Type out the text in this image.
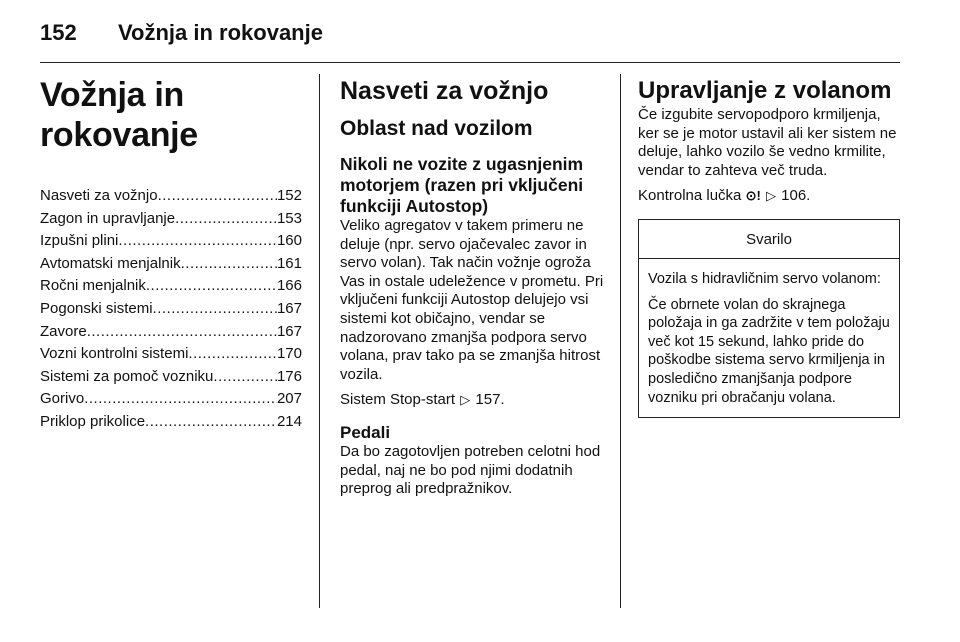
152 Vožnja in rokovanje
Vožnja in rokovanje
Nasveti za vožnjo .....	152
Zagon in upravljanje .....	153
Izpušni plini .....	160
Avtomatski menjalnik .....	161
Ročni menjalnik .....	166
Pogonski sistemi .....	167
Zavore .....	167
Vozni kontrolni sistemi .....	170
Sistemi za pomoč vozniku .....	176
Gorivo .....	207
Priklop prikolice .....	214
Nasveti za vožnjo
Oblast nad vozilom
Nikoli ne vozite z ugasnjenim motorjem (razen pri vključeni funkciji Autostop)

Veliko agregatov v takem primeru ne deluje (npr. servo ojačevalec zavor in servo volan). Tak način vožnje ogroža Vas in ostale udeležence v prometu. Pri vključeni funkciji Autostop delujejo vsi sistemi kot običajno, vendar se nadzorovano zmanjša podpora servo volana, prav tako pa se zmanjša hitrost vozila.

Sistem Stop-start ▷ 157.

Pedali

Da bo zagotovljen potreben celotni hod pedal, naj ne bo pod njimi dodatnih preprog ali predpražnikov.

Upravljanje z volanom

Če izgubite servopodporo krmiljenja, ker se je motor ustavil ali ker sistem ne deluje, lahko vozilo še vedno krmilite, vendar to zahteva več truda.

Kontrolna lučka ⊙! ▷ 106.

Svarilo

Vozila s hidravličnim servo volanom:

Če obrnete volan do skrajnega položaja in ga zadržite v tem položaju več kot 15 sekund, lahko pride do poškodbe sistema servo krmiljenja in posledično zmanjšanja podpore vozniku pri obračanju volana.
